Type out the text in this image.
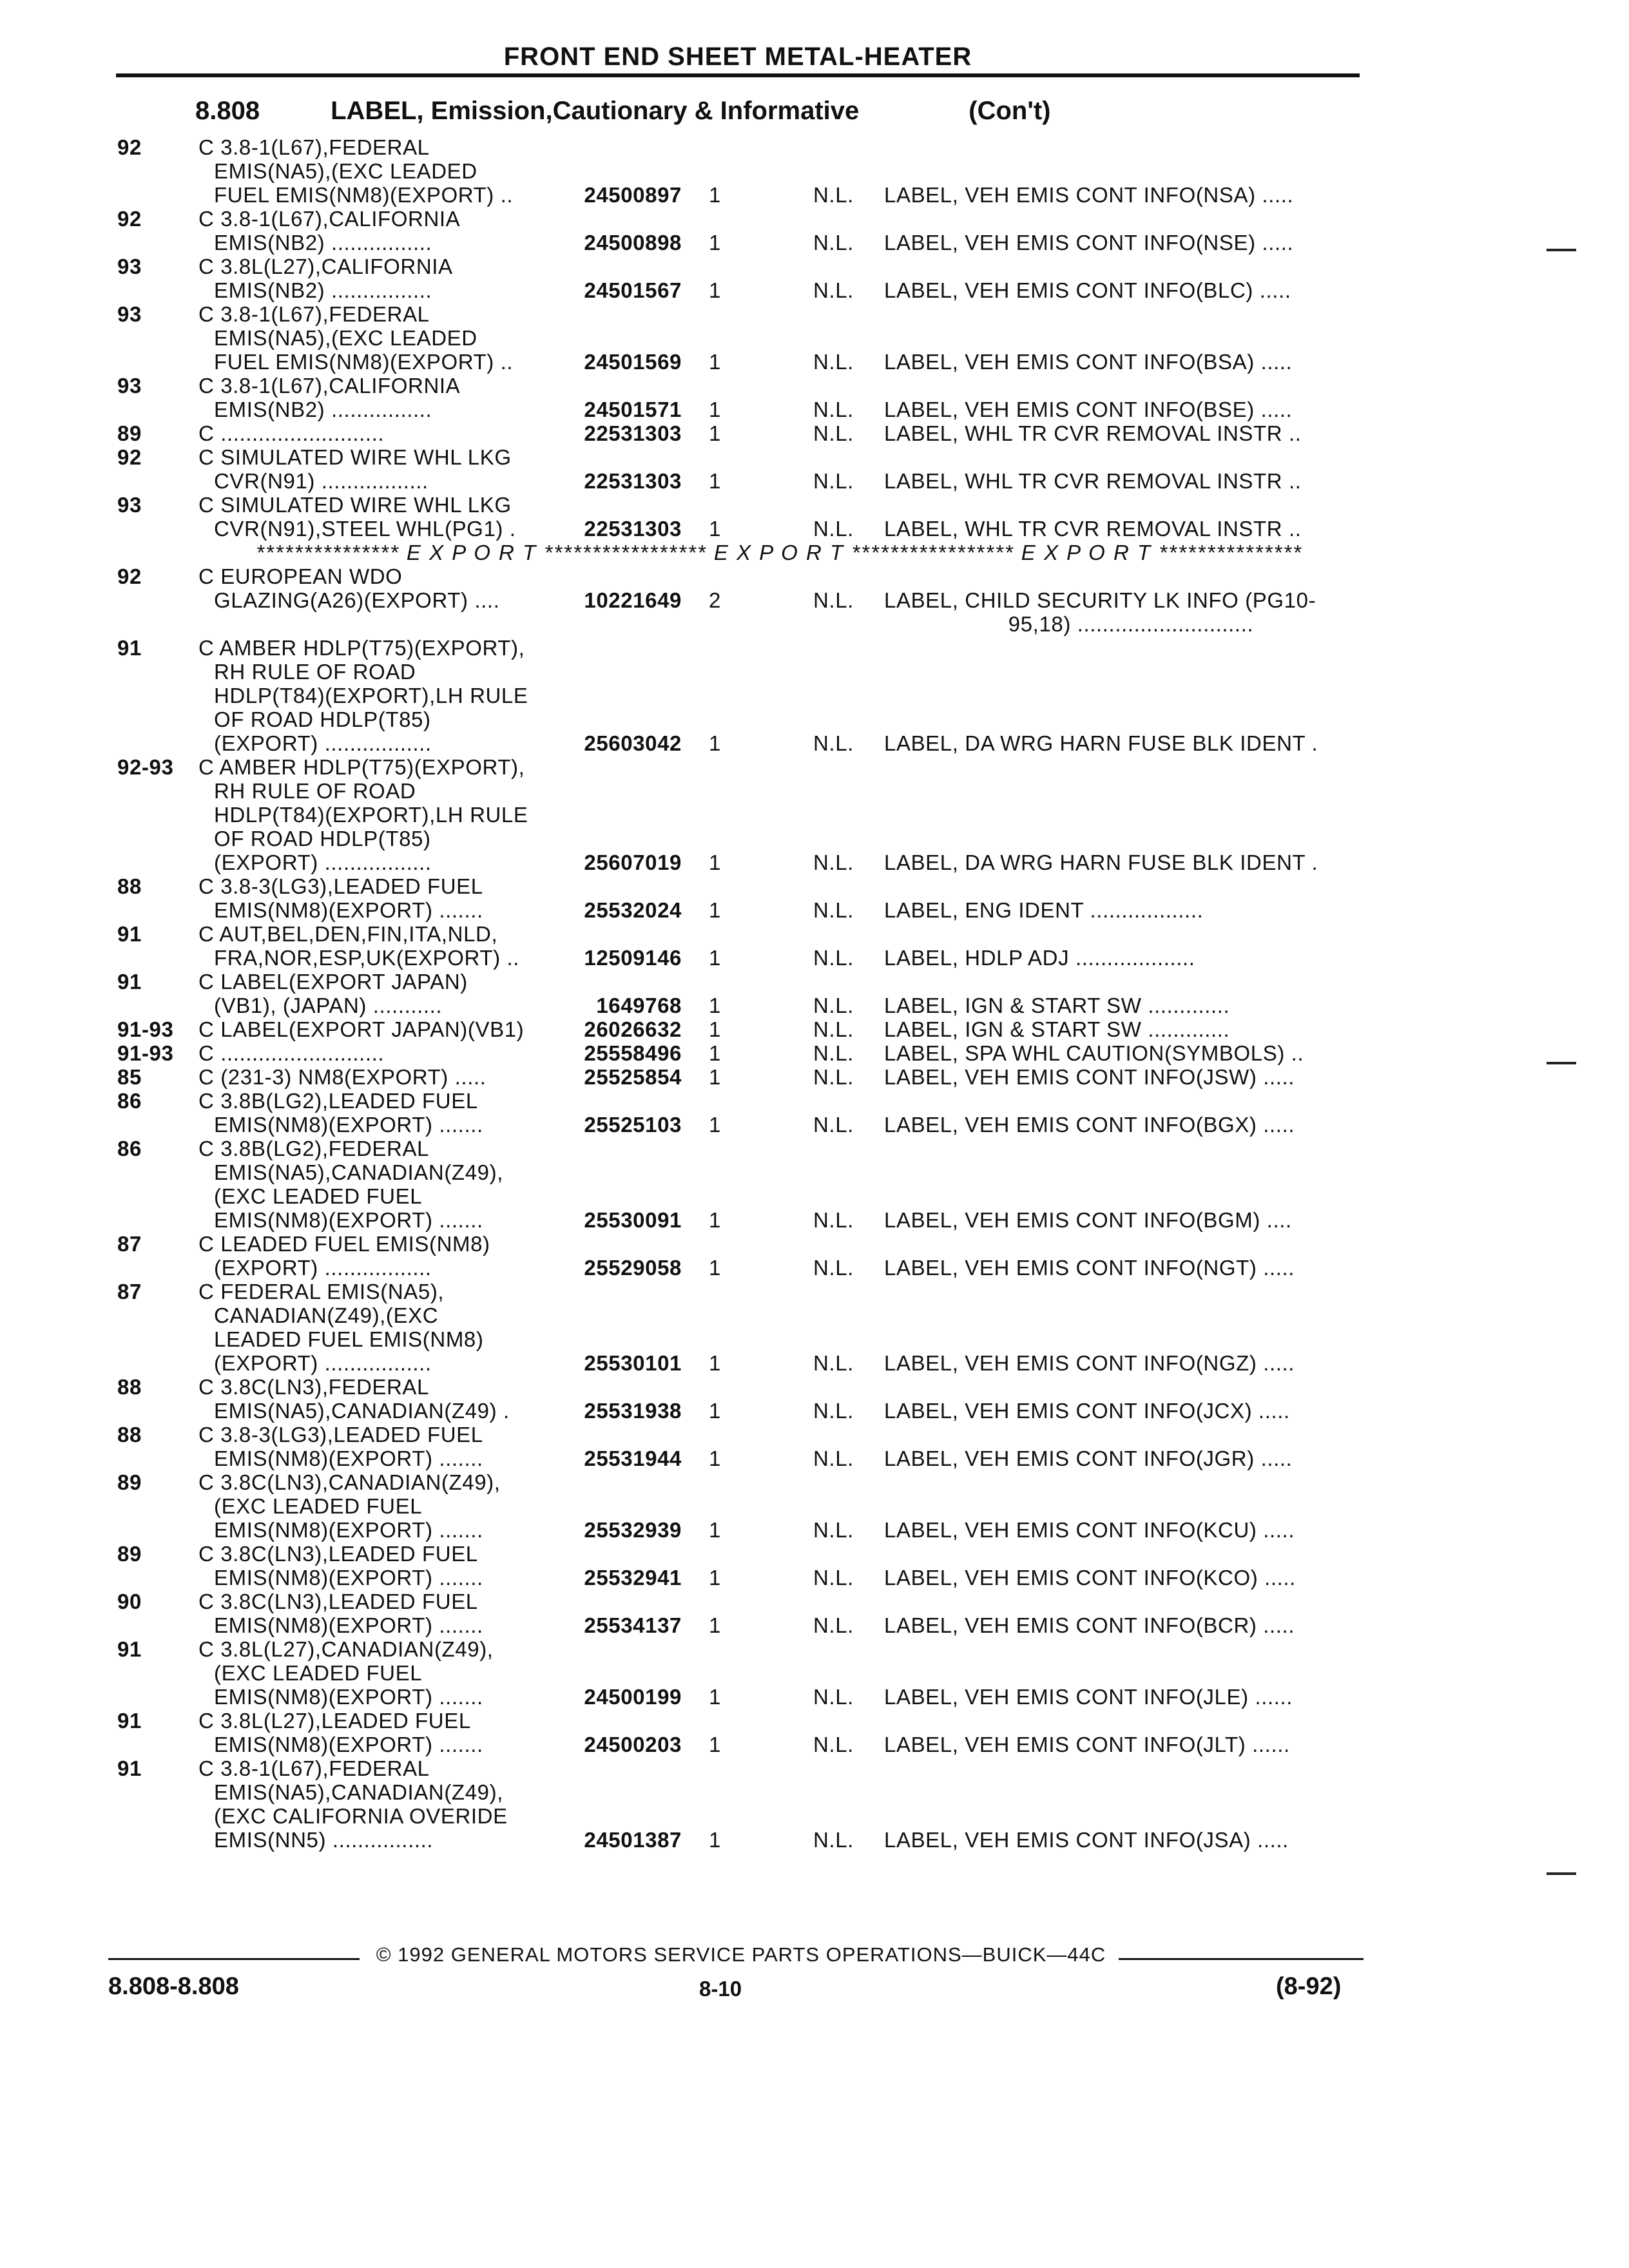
FRONT END SHEET METAL-HEATER
8.808	LABEL, Emission,Cautionary & Informative	(Con't)
92	C 3.8-1(L67),FEDERAL
EMIS(NA5),(EXC LEADED
FUEL EMIS(NM8)(EXPORT) ..	24500897 1	N.L.	LABEL, VEH EMIS CONT INFO(NSA) .....
92	C 3.8-1(L67),CALIFORNIA
EMIS(NB2) ................	24500898 1	N.L.	LABEL, VEH EMIS CONT INFO(NSE) .....
93	C 3.8L(L27),CALIFORNIA
EMIS(NB2) ................	24501567 1	N.L.	LABEL, VEH EMIS CONT INFO(BLC) .....
93	C 3.8-1(L67),FEDERAL
EMIS(NA5),(EXC LEADED
FUEL EMIS(NM8)(EXPORT) ..	24501569 1	N.L.	LABEL, VEH EMIS CONT INFO(BSA) .....
93	C 3.8-1(L67),CALIFORNIA
EMIS(NB2) ................	24501571 1	N.L.	LABEL, VEH EMIS CONT INFO(BSE) .....
89	C ..........................	22531303 1	N.L.	LABEL, WHL TR CVR REMOVAL INSTR ..
92	C SIMULATED WIRE WHL LKG
CVR(N91) .................	22531303 1	N.L.	LABEL, WHL TR CVR REMOVAL INSTR ..
93	C SIMULATED WIRE WHL LKG
CVR(N91),STEEL WHL(PG1) .	22531303 1	N.L.	LABEL, WHL TR CVR REMOVAL INSTR ..
*************** E X P O R T ***************** E X P O R T ***************** E X P O R T ***************
92	C EUROPEAN WDO
GLAZING(A26)(EXPORT) ....	10221649 2	N.L.	LABEL, CHILD SECURITY LK INFO (PG10-
95,18) ............................
91	C AMBER HDLP(T75)(EXPORT),
RH RULE OF ROAD
HDLP(T84)(EXPORT),LH RULE
OF ROAD HDLP(T85)
(EXPORT) .................	25603042 1	N.L.	LABEL, DA WRG HARN FUSE BLK IDENT .
92-93	C AMBER HDLP(T75)(EXPORT),
RH RULE OF ROAD
HDLP(T84)(EXPORT),LH RULE
OF ROAD HDLP(T85)
(EXPORT) .................	25607019 1	N.L.	LABEL, DA WRG HARN FUSE BLK IDENT .
88	C 3.8-3(LG3),LEADED FUEL
EMIS(NM8)(EXPORT) .......	25532024 1	N.L.	LABEL, ENG IDENT ..................
91	C AUT,BEL,DEN,FIN,ITA,NLD,
FRA,NOR,ESP,UK(EXPORT) ..	12509146 1	N.L.	LABEL, HDLP ADJ ...................
91	C LABEL(EXPORT JAPAN)
(VB1), (JAPAN) ...........	1649768 1	N.L.	LABEL, IGN & START SW .............
91-93	C LABEL(EXPORT JAPAN)(VB1)	26026632 1	N.L.	LABEL, IGN & START SW .............
91-93	C ..........................	25558496 1	N.L.	LABEL, SPA WHL CAUTION(SYMBOLS) ..
85	C (231-3) NM8(EXPORT) .....	25525854 1	N.L.	LABEL, VEH EMIS CONT INFO(JSW) .....
86	C 3.8B(LG2),LEADED FUEL
EMIS(NM8)(EXPORT) .......	25525103 1	N.L.	LABEL, VEH EMIS CONT INFO(BGX) .....
86	C 3.8B(LG2),FEDERAL
EMIS(NA5),CANADIAN(Z49),
(EXC LEADED FUEL
EMIS(NM8)(EXPORT) .......	25530091 1	N.L.	LABEL, VEH EMIS CONT INFO(BGM) ....
87	C LEADED FUEL EMIS(NM8)
(EXPORT) .................	25529058 1	N.L.	LABEL, VEH EMIS CONT INFO(NGT) .....
87	C FEDERAL EMIS(NA5),
CANADIAN(Z49),(EXC
LEADED FUEL EMIS(NM8)
(EXPORT) .................	25530101 1	N.L.	LABEL, VEH EMIS CONT INFO(NGZ) .....
88	C 3.8C(LN3),FEDERAL
EMIS(NA5),CANADIAN(Z49) .	25531938 1	N.L.	LABEL, VEH EMIS CONT INFO(JCX) .....
88	C 3.8-3(LG3),LEADED FUEL
EMIS(NM8)(EXPORT) .......	25531944 1	N.L.	LABEL, VEH EMIS CONT INFO(JGR) .....
89	C 3.8C(LN3),CANADIAN(Z49),
(EXC LEADED FUEL
EMIS(NM8)(EXPORT) .......	25532939 1	N.L.	LABEL, VEH EMIS CONT INFO(KCU) .....
89	C 3.8C(LN3),LEADED FUEL
EMIS(NM8)(EXPORT) .......	25532941 1	N.L.	LABEL, VEH EMIS CONT INFO(KCO) .....
90	C 3.8C(LN3),LEADED FUEL
EMIS(NM8)(EXPORT) .......	25534137 1	N.L.	LABEL, VEH EMIS CONT INFO(BCR) .....
91	C 3.8L(L27),CANADIAN(Z49),
(EXC LEADED FUEL
EMIS(NM8)(EXPORT) .......	24500199 1	N.L.	LABEL, VEH EMIS CONT INFO(JLE) ......
91	C 3.8L(L27),LEADED FUEL
EMIS(NM8)(EXPORT) .......	24500203 1	N.L.	LABEL, VEH EMIS CONT INFO(JLT) ......
91	C 3.8-1(L67),FEDERAL
EMIS(NA5),CANADIAN(Z49),
(EXC CALIFORNIA OVERIDE
EMIS(NN5) ................	24501387 1	N.L.	LABEL, VEH EMIS CONT INFO(JSA) .....
© 1992 GENERAL MOTORS SERVICE PARTS OPERATIONS—BUICK—44C
8.808-8.808	8-10	(8-92)
